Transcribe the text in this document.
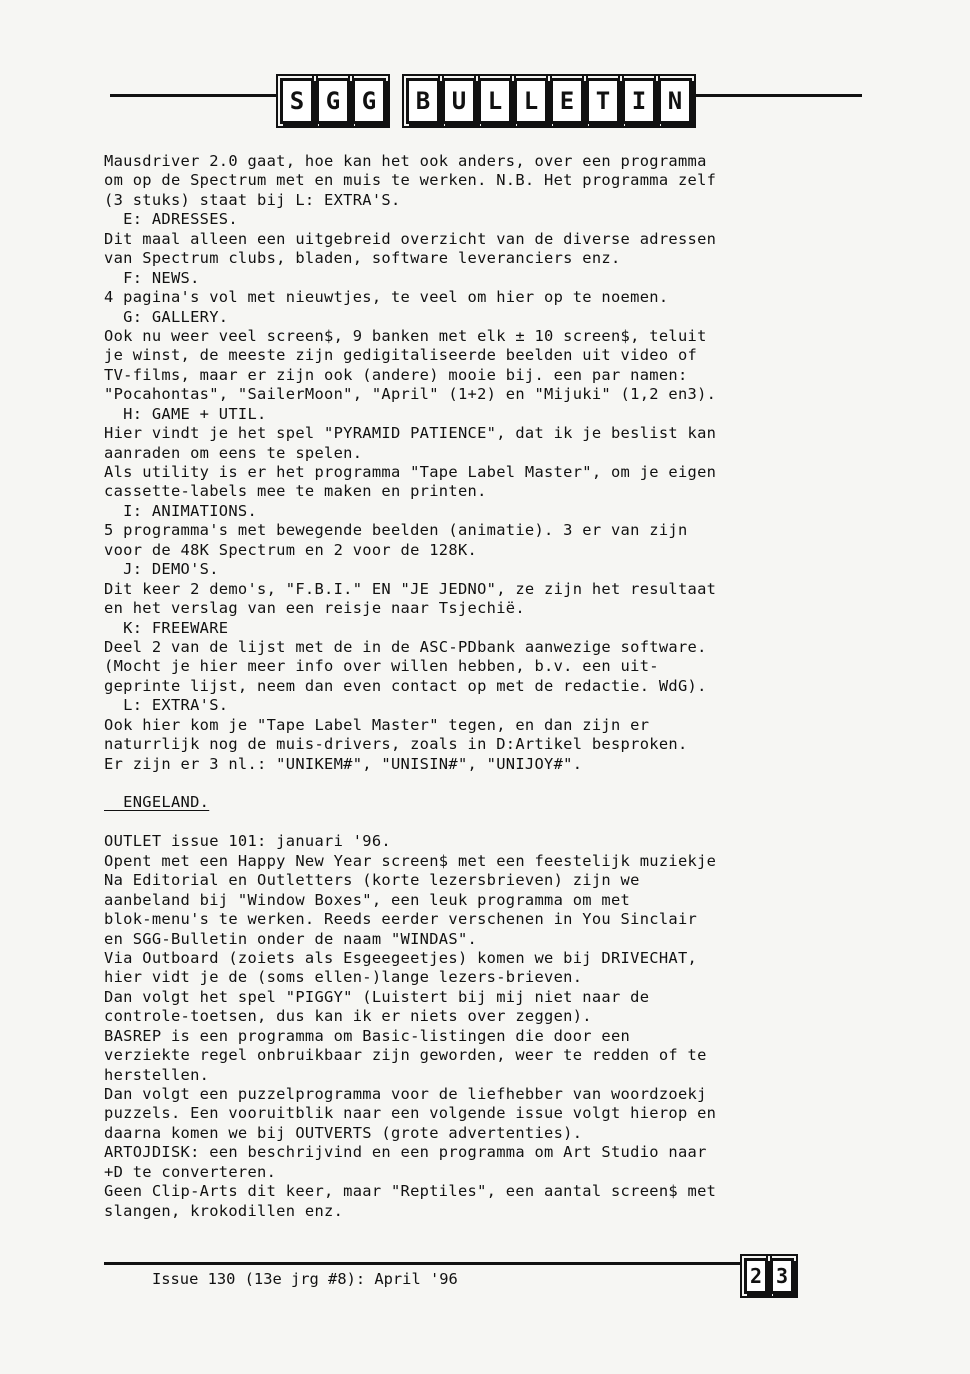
S G G	B U L L E T I N
Mausdriver 2.0 gaat, hoe kan het ook anders, over een programma
om op de Spectrum met en muis te werken. N.B. Het programma zelf
(3 stuks) staat bij L: EXTRA'S.
E: ADRESSES.
Dit maal alleen een uitgebreid overzicht van de diverse adressen
van Spectrum clubs, bladen, software leveranciers enz.
F: NEWS.
4 pagina's vol met nieuwtjes, te veel om hier op te noemen.
G: GALLERY.
Ook nu weer veel screen$, 9 banken met elk ± 10 screen$, teluit
je winst, de meeste zijn gedigitaliseerde beelden uit video of
TV-films, maar er zijn ook (andere) mooie bij. een par namen:
"Pocahontas", "SailerMoon", "April" (1+2) en "Mijuki" (1,2 en3).
H: GAME + UTIL.
Hier vindt je het spel "PYRAMID PATIENCE", dat ik je beslist kan
aanraden om eens te spelen.
Als utility is er het programma "Tape Label Master", om je eigen
cassette-labels mee te maken en printen.
I: ANIMATIONS.
5 programma's met bewegende beelden (animatie). 3 er van zijn
voor de 48K Spectrum en 2 voor de 128K.
J: DEMO'S.
Dit keer 2 demo's, "F.B.I." EN "JE JEDNO", ze zijn het resultaat
en het verslag van een reisje naar Tsjechië.
K: FREEWARE
Deel 2 van de lijst met de in de ASC-PDbank aanwezige software.
(Mocht je hier meer info over willen hebben, b.v. een uit-
geprinte lijst, neem dan even contact op met de redactie. WdG).
L: EXTRA'S.
Ook hier kom je "Tape Label Master" tegen, en dan zijn er
naturrlijk nog de muis-drivers, zoals in D:Artikel besproken.
Er zijn er 3 nl.: "UNIKEM#", "UNISIN#", "UNIJOY#".
ENGELAND.
OUTLET issue 101: januari '96.
Opent met een Happy New Year screen$ met een feestelijk muziekje
Na Editorial en Outletters (korte lezersbrieven) zijn we
aanbeland bij "Window Boxes", een leuk programma om met
blok-menu's te werken. Reeds eerder verschenen in You Sinclair
en SGG-Bulletin onder de naam "WINDAS".
Via Outboard (zoiets als Esgeegeetjes) komen we bij DRIVECHAT,
hier vidt je de (soms ellen-)lange lezers-brieven.
Dan volgt het spel "PIGGY" (Luistert bij mij niet naar de
controle-toetsen, dus kan ik er niets over zeggen).
BASREP is een programma om Basic-listingen die door een
verziekte regel onbruikbaar zijn geworden, weer te redden of te
herstellen.
Dan volgt een puzzelprogramma voor de liefhebber van woordzoekj
puzzels. Een vooruitblik naar een volgende issue volgt hierop en
daarna komen we bij OUTVERTS (grote advertenties).
ARTOJDISK: een beschrijvind en een programma om Art Studio naar
+D te converteren.
Geen Clip-Arts dit keer, maar "Reptiles", een aantal screen$ met
slangen, krokodillen enz.
Issue 130 (13e jrg #8): April '96	2 3
